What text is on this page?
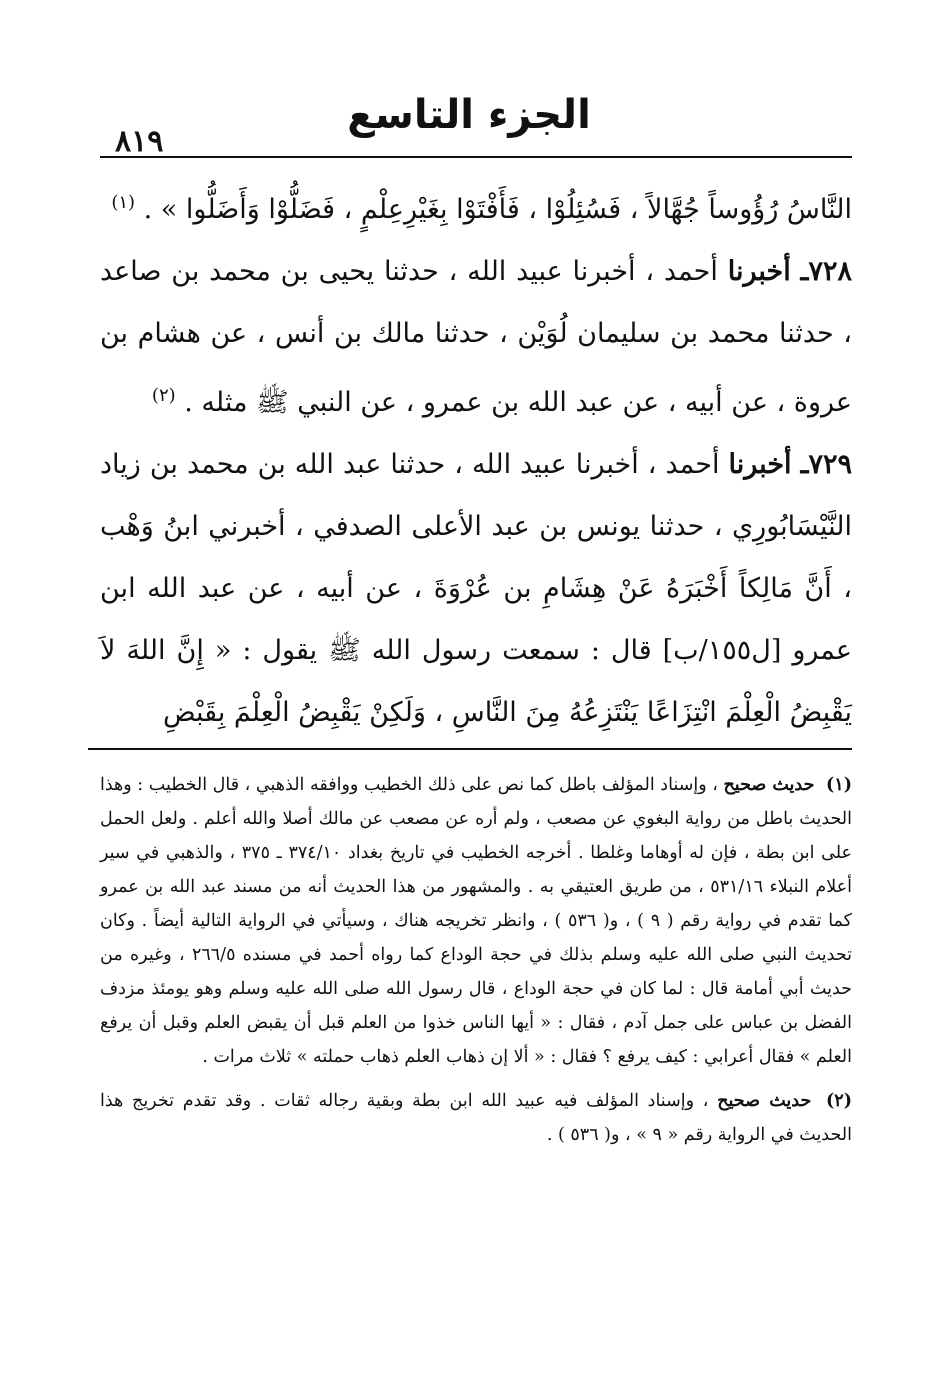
٨١٩
الجزء التاسع

النَّاسُ رُؤُوساً جُهَّالاً ، فَسُئِلُوْا ، فَأَفْتَوْا بِغَيْرِعِلْمٍ ، فَضَلُّوْا وَأَضَلُّوا » . $^{(١)}$

٧٢٨ـ أخبرنا أحمد ، أخبرنا عبيد الله ، حدثنا يحيى بن محمد بن صاعد ، حدثنا محمد بن سليمان لُوَيْن ، حدثنا مالك بن أنس ، عن هشام بن عروة ، عن أبيه ، عن عبد الله بن عمرو ، عن النبي ﷺ مثله . $^{(٢)}$

٧٢٩ـ أخبرنا أحمد ، أخبرنا عبيد الله ، حدثنا عبد الله بن محمد بن زياد النَّيْسَابُورِي ، حدثنا يونس بن عبد الأعلى الصدفي ، أخبرني ابنُ وَهْب ، أَنَّ مَالِكاً أَخْبَرَهُ عَنْ هِشَامِ بن عُرْوَةَ ، عن أبيه ، عن عبد الله ابن عمرو [ل١٥٥/ب] قال : سمعت رسول الله ﷺ يقول : « إِنَّ اللهَ لاَ يَقْبِضُ الْعِلْمَ انْتِزَاعًا يَنْتَزِعُهُ مِنَ النَّاسِ ، وَلَكِنْ يَقْبِضُ الْعِلْمَ بِقَبْضِ

(١) حديث صحيح ، وإسناد المؤلف باطل كما نص على ذلك الخطيب ووافقه الذهبي ، قال الخطيب : وهذا الحديث باطل من رواية البغوي عن مصعب ، ولم أره عن مصعب عن مالك أصلا والله أعلم . ولعل الحمل على ابن بطة ، فإن له أوهاما وغلطا . أخرجه الخطيب في تاريخ بغداد ٣٧٤/١٠ ـ ٣٧٥ ، والذهبي في سير أعلام النبلاء ٥٣١/١٦ ، من طريق العتيقي به . والمشهور من هذا الحديث أنه من مسند عبد الله بن عمرو كما تقدم في رواية رقم ( ٩ ) ، و( ٥٣٦ ) ، وانظر تخريجه هناك ، وسيأتي في الرواية التالية أيضاً . وكان تحديث النبي صلى الله عليه وسلم بذلك في حجة الوداع كما رواه أحمد في مسنده ٢٦٦/٥ ، وغيره من حديث أبي أمامة قال : لما كان في حجة الوداع ، قال رسول الله صلى الله عليه وسلم وهو يومئذ مزدف الفضل بن عباس على جمل آدم ، فقال : « أيها الناس خذوا من العلم قبل أن يقبض العلم وقبل أن يرفع العلم » فقال أعرابي : كيف يرفع ؟ فقال : « ألا إن ذهاب العلم ذهاب حملته » ثلاث مرات .

(٢) حديث صحيح ، وإسناد المؤلف فيه عبيد الله ابن بطة وبقية رجاله ثقات . وقد تقدم تخريج هذا الحديث في الرواية رقم « ٩ » ، و( ٥٣٦ ) .
